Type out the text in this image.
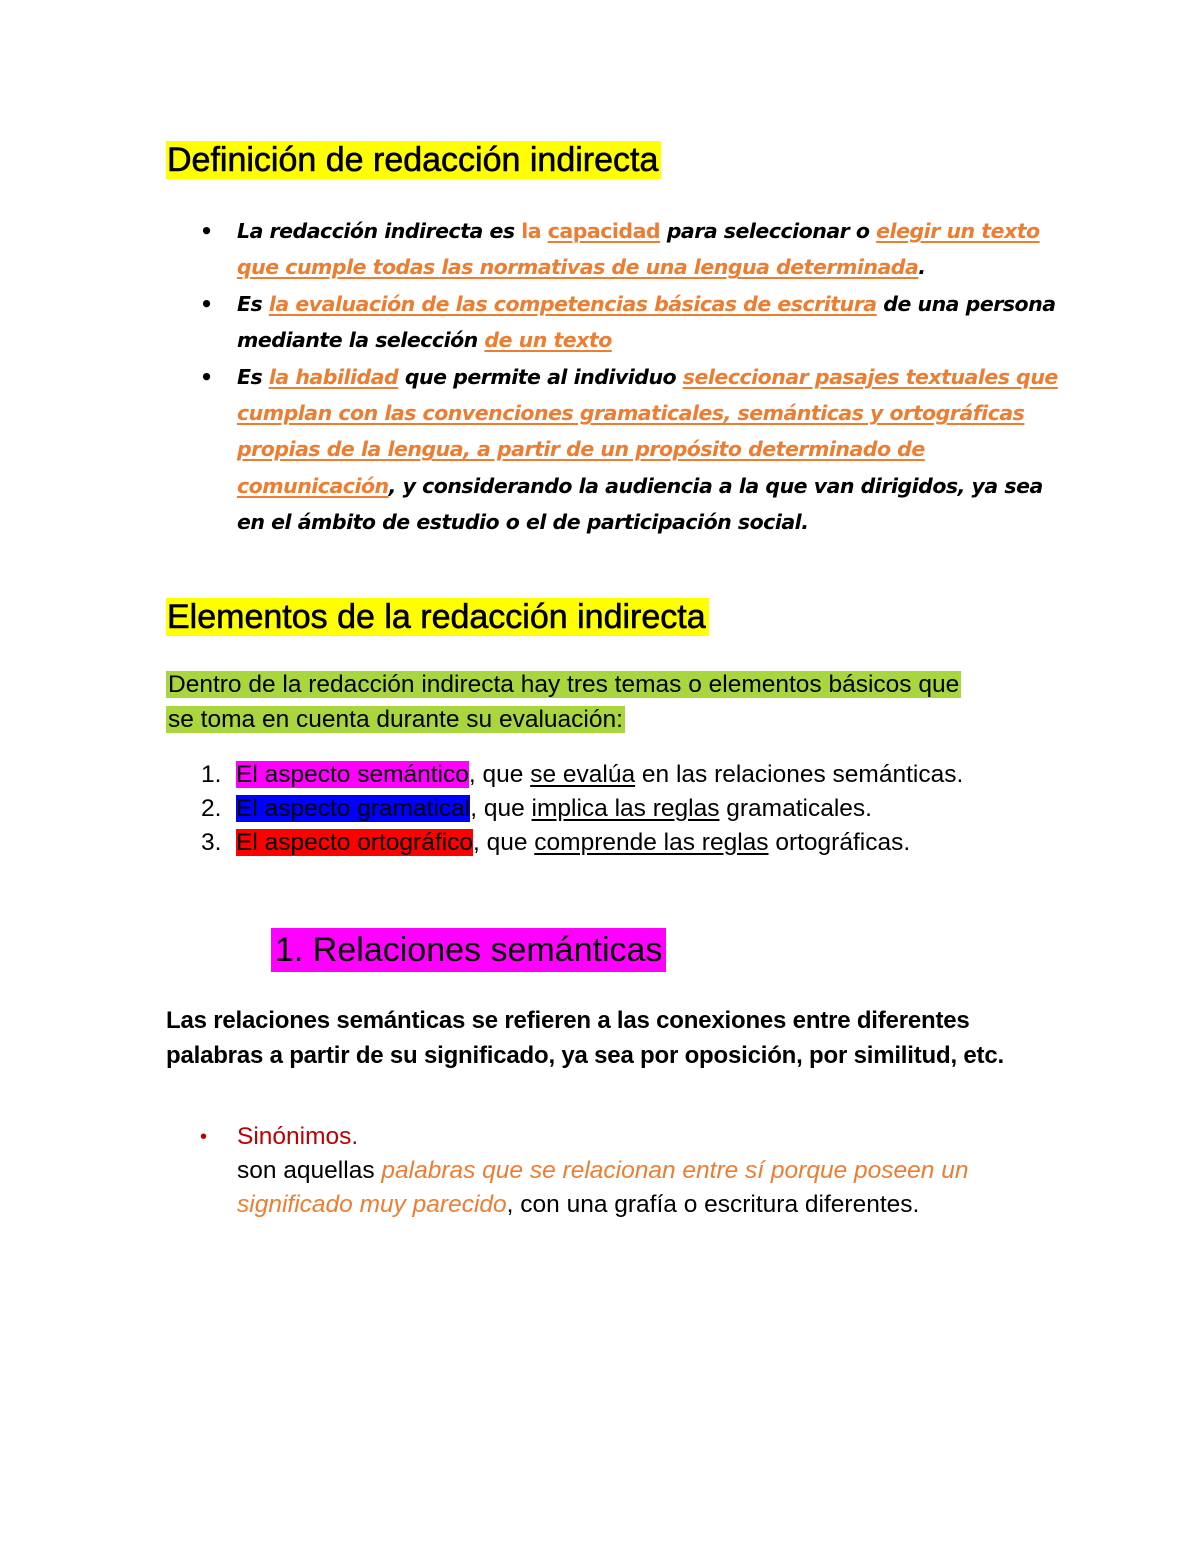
Definición de redacción indirecta
• La redacción indirecta es la capacidad para seleccionar o elegir un texto que cumple todas las normativas de una lengua determinada.
• Es la evaluación de las competencias básicas de escritura de una persona mediante la selección de un texto
• Es la habilidad que permite al individuo seleccionar pasajes textuales que cumplan con las convenciones gramaticales, semánticas y ortográficas propias de la lengua, a partir de un propósito determinado de comunicación, y considerando la audiencia a la que van dirigidos, ya sea en el ámbito de estudio o el de participación social.
Elementos de la redacción indirecta

Dentro de la redacción indirecta hay tres temas o elementos básicos que se toma en cuenta durante su evaluación:

1. El aspecto semántico, que se evalúa en las relaciones semánticas.
2. El aspecto gramatical, que implica las reglas gramaticales.
3. El aspecto ortográfico, que comprende las reglas ortográficas.
1. Relaciones semánticas

Las relaciones semánticas se refieren a las conexiones entre diferentes palabras a partir de su significado, ya sea por oposición, por similitud, etc.

• Sinónimos.
son aquellas palabras que se relacionan entre sí porque poseen un significado muy parecido, con una grafía o escritura diferentes.
